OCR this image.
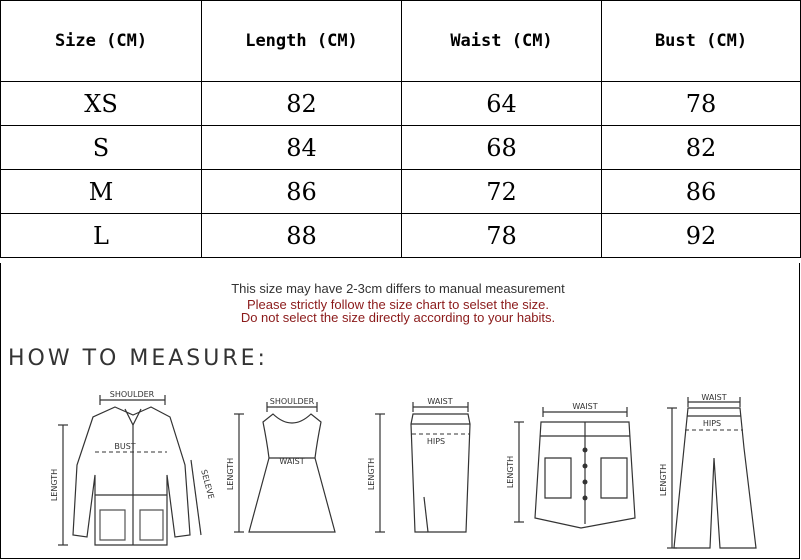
Size (CM)	Length (CM)	Waist (CM)	Bust (CM)
XS	82	64	78
S	84	68	82
M	86	72	86
L	88	78	92
This size may have 2-3cm differs to manual measurement
Please strictly follow the size chart to selset the size.
Do not select the size directly according to your habits.
HOW TO MEASURE:
SHOULDER
BUST
LENGTH	SELEVE
SHOULDER
WAIST
LENGTH
WAIST
HIPS
LENGTH
WAIST
LENGTH
WAIST
HIPS
LENGTH
